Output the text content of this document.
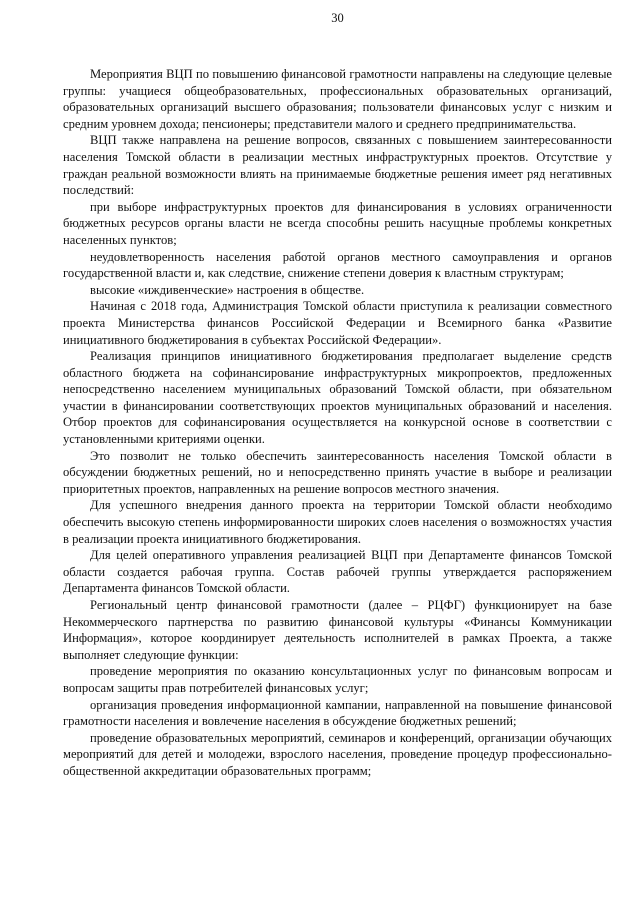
30

Мероприятия ВЦП по повышению финансовой грамотности направлены на следующие целевые группы: учащиеся общеобразовательных, профессиональных образовательных организаций, образовательных организаций высшего образования; пользователи финансовых услуг с низким и средним уровнем дохода; пенсионеры; представители малого и среднего предпринимательства.

ВЦП также направлена на решение вопросов, связанных с повышением заинтересованности населения Томской области в реализации местных инфраструктурных проектов. Отсутствие у граждан реальной возможности влиять на принимаемые бюджетные решения имеет ряд негативных последствий:

при выборе инфраструктурных проектов для финансирования в условиях ограниченности бюджетных ресурсов органы власти не всегда способны решить насущные проблемы конкретных населенных пунктов;

неудовлетворенность населения работой органов местного самоуправления и органов государственной власти и, как следствие, снижение степени доверия к властным структурам;

высокие «иждивенческие» настроения в обществе.

Начиная с 2018 года, Администрация Томской области приступила к реализации совместного проекта Министерства финансов Российской Федерации и Всемирного банка «Развитие инициативного бюджетирования в субъектах Российской Федерации».

Реализация принципов инициативного бюджетирования предполагает выделение средств областного бюджета на софинансирование инфраструктурных микропроектов, предложенных непосредственно населением муниципальных образований Томской области, при обязательном участии в финансировании соответствующих проектов муниципальных образований и населения. Отбор проектов для софинансирования осуществляется на конкурсной основе в соответствии с установленными критериями оценки.

Это позволит не только обеспечить заинтересованность населения Томской области в обсуждении бюджетных решений, но и непосредственно принять участие в выборе и реализации приоритетных проектов, направленных на решение вопросов местного значения.

Для успешного внедрения данного проекта на территории Томской области необходимо обеспечить высокую степень информированности широких слоев населения о возможностях участия в реализации проекта инициативного бюджетирования.

Для целей оперативного управления реализацией ВЦП при Департаменте финансов Томской области создается рабочая группа. Состав рабочей группы утверждается распоряжением Департамента финансов Томской области.

Региональный центр финансовой грамотности (далее – РЦФГ) функционирует на базе Некоммерческого партнерства по развитию финансовой культуры «Финансы Коммуникации Информация», которое координирует деятельность исполнителей в рамках Проекта, а также выполняет следующие функции:

проведение мероприятия по оказанию консультационных услуг по финансовым вопросам и вопросам защиты прав потребителей финансовых услуг;

организация проведения информационной кампании, направленной на повышение финансовой грамотности населения и вовлечение населения в обсуждение бюджетных решений;

проведение образовательных мероприятий, семинаров и конференций, организации обучающих мероприятий для детей и молодежи, взрослого населения, проведение процедур профессионально-общественной аккредитации образовательных программ;
